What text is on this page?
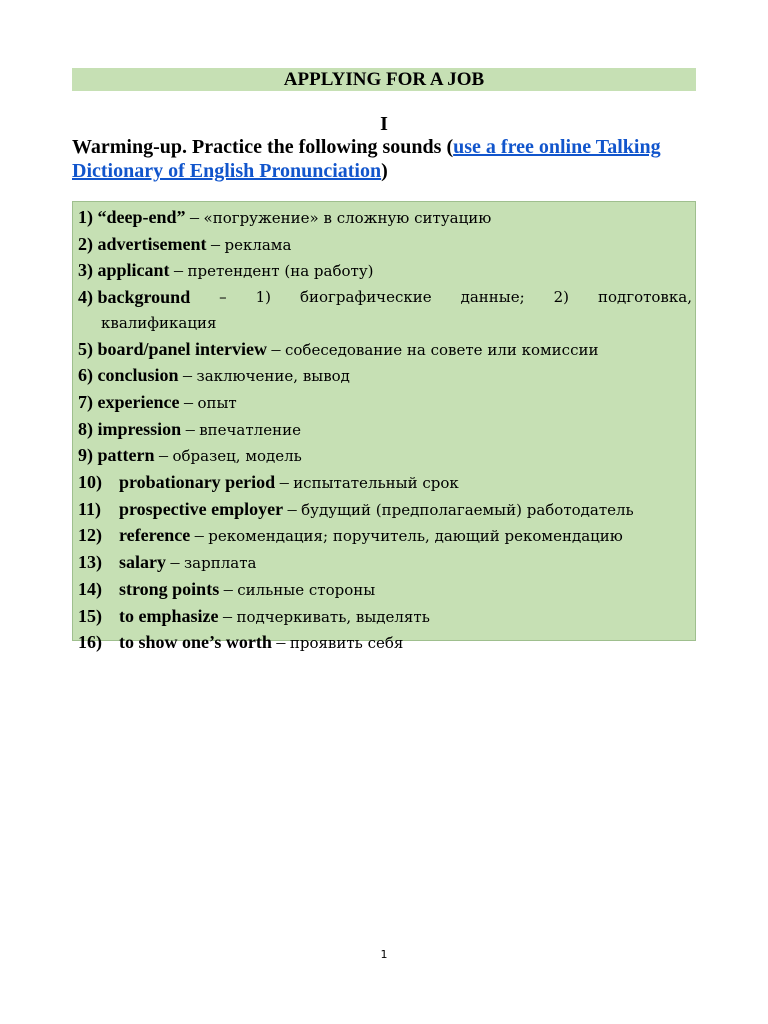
APPLYING FOR A JOB
I
Warming-up. Practice the following sounds (use a free online Talking Dictionary of English Pronunciation)
1) “deep-end” – «погружение» в сложную ситуацию
2) advertisement – реклама
3) applicant – претендент (на работу)
4) background – 1) биографические данные; 2) подготовка,
квалификация
5) board/panel interview – собеседование на совете или комиссии
6) conclusion – заключение, вывод
7) experience – опыт
8) impression – впечатление
9) pattern – образец, модель
10) probationary period – испытательный срок
11) prospective employer – будущий (предполагаемый) работодатель
12) reference – рекомендация; поручитель, дающий рекомендацию
13) salary – зарплата
14) strong points – сильные стороны
15) to emphasize – подчеркивать, выделять
16) to show one’s worth – проявить себя
1
